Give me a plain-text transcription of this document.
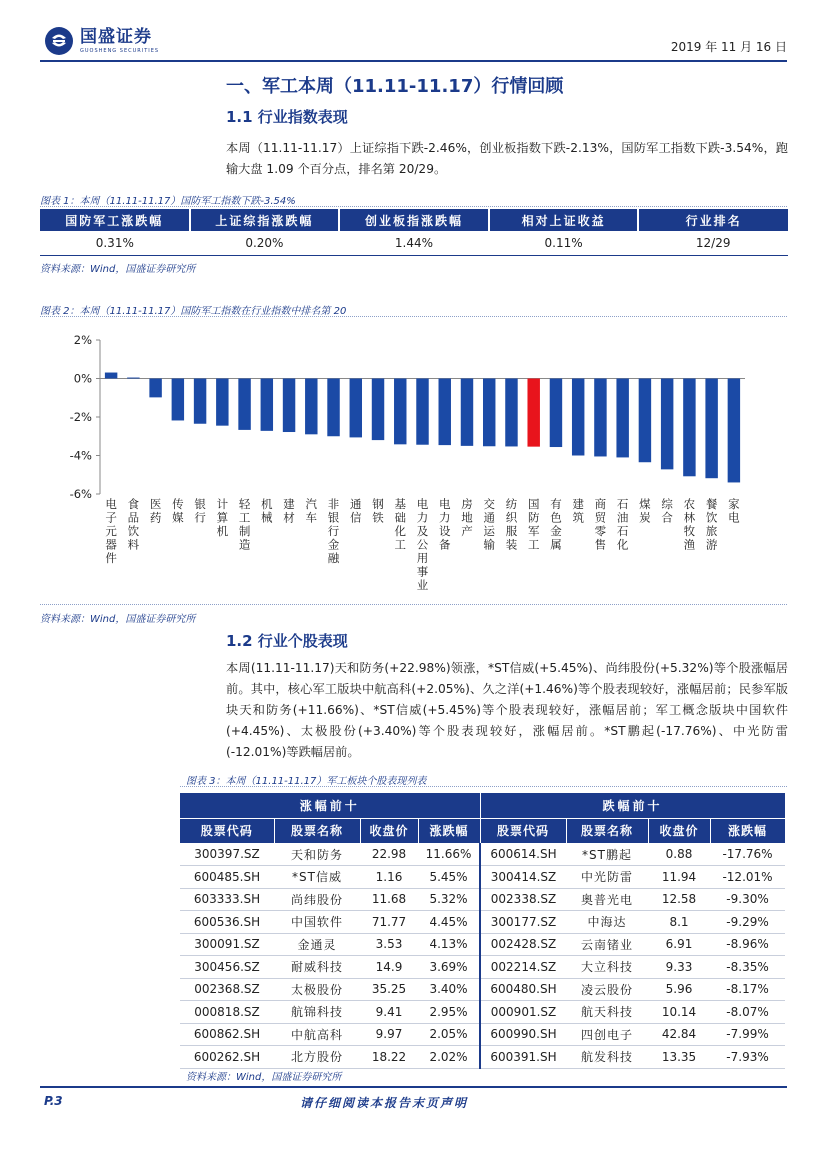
国盛证券
GUOSHENG SECURITIES	2019 年 11 月 16 日
一、军工本周（11.11-11.17）行情回顾
1.1 行业指数表现
本周（11.11-11.17）上证综指下跌-2.46%，创业板指数下跌-2.13%，国防军工指数下跌-3.54%，跑输大盘 1.09 个百分点，排名第 20/29。
图表 1：本周（11.11-11.17）国防军工指数下跌-3.54%
国防军工涨跌幅	上证综指涨跌幅	创业板指涨跌幅	相对上证收益	行业排名
0.31%	0.20%	1.44%	0.11%	12/29
资料来源：Wind，国盛证券研究所
图表 2：本周（11.11-11.17）国防军工指数在行业指数中排名第 20
2%
0%
-2%
-4%
-6%
电子元器件
食品饮料
医药
传媒
银行
计算机
轻工制造
机械
建材
汽车
非银行金融
通信
钢铁
基础化工
电力及公用事业
电力设备
房地产
交通运输
纺织服装
国防军工
有色金属
建筑
商贸零售
石油石化
煤炭
综合
农林牧渔
餐饮旅游
家电
资料来源：Wind，国盛证券研究所
1.2 行业个股表现
本周(11.11-11.17)天和防务(+22.98%)领涨，*ST信威(+5.45%)、尚纬股份(+5.32%)等个股涨幅居前。其中，核心军工版块中航高科(+2.05%)、久之洋(+1.46%)等个股表现较好，涨幅居前；民参军版块天和防务(+11.66%)、*ST信威(+5.45%)等个股表现较好，涨幅居前；军工概念版块中国软件(+4.45%)、太极股份(+3.40%)等个股表现较好，涨幅居前。*ST鹏起(-17.76%)、中光防雷(-12.01%)等跌幅居前。
图表 3：本周（11.11-11.17）军工板块个股表现列表
涨幅前十				跌幅前十			
股票代码	股票名称	收盘价	涨跌幅	股票代码	股票名称	收盘价	涨跌幅
300397.SZ	天和防务	22.98	11.66%	600614.SH	*ST鹏起	0.88	-17.76%
600485.SH	*ST信威	1.16	5.45%	300414.SZ	中光防雷	11.94	-12.01%
603333.SH	尚纬股份	11.68	5.32%	002338.SZ	奥普光电	12.58	-9.30%
600536.SH	中国软件	71.77	4.45%	300177.SZ	中海达	8.1	-9.29%
300091.SZ	金通灵	3.53	4.13%	002428.SZ	云南锗业	6.91	-8.96%
300456.SZ	耐威科技	14.9	3.69%	002214.SZ	大立科技	9.33	-8.35%
002368.SZ	太极股份	35.25	3.40%	600480.SH	凌云股份	5.96	-8.17%
000818.SZ	航锦科技	9.41	2.95%	000901.SZ	航天科技	10.14	-8.07%
600862.SH	中航高科	9.97	2.05%	600990.SH	四创电子	42.84	-7.99%
600262.SH	北方股份	18.22	2.02%	600391.SH	航发科技	13.35	-7.93%
资料来源：Wind，国盛证券研究所
P.3	请仔细阅读本报告末页声明
